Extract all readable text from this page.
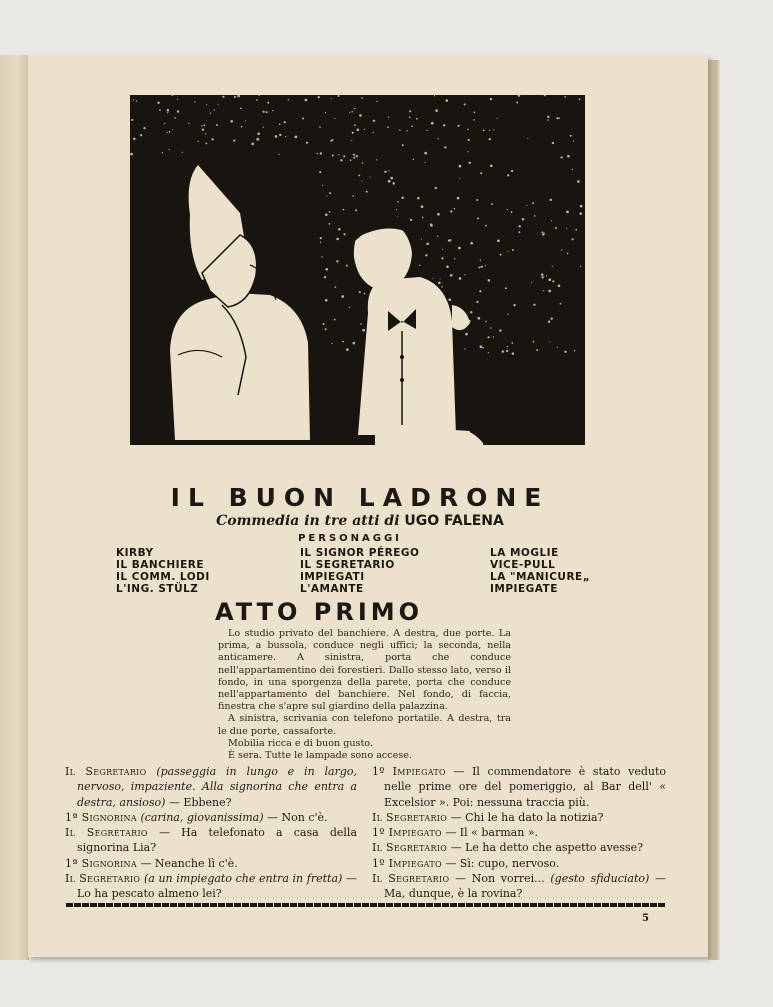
IL BUON LADRONE
Commedia in tre atti di UGO FALENA
PERSONAGGI
KIRBY
IL BANCHIERE
IL COMM. LODI
L'ING. STÜLZ
IL SIGNOR PÉREGO
IL SEGRETARIO
IMPIEGATI
L'AMANTE
LA MOGLIE
VICE-PULL
LA "MANICURE„
IMPIEGATE
ATTO PRIMO

Lo studio privato del banchiere. A destra, due porte. La prima, a bussola, conduce negli uffici; la seconda, nella anticamere. A sinistra, porta che conduce nell'appartamentino dei forestieri. Dallo stesso lato, verso il fondo, in una sporgenza della parete, porta che conduce nell'appartamento del banchiere. Nel fondo, di faccia, finestra che s'apre sul giardino della palazzina.

A sinistra, scrivania con telefono portatile. A destra, tra le due porte, cassaforte.

Mobilia ricca e di buon gusto.

È sera. Tutte le lampade sono accese.

Il Segretario (passeggia in lungo e in largo, nervoso, impaziente. Alla signorina che entra a destra, ansioso) — Ebbene?
1ª Signorina (carina, giovanissima) — Non c'è.
Il Segretario — Ha telefonato a casa della signorina Lia?
1ª Signorina — Neanche lì c'è.
Il Segretario (a un impiegato che entra in fretta) — Lo ha pescato almeno lei?
1º Impiegato — Il commendatore è stato veduto nelle prime ore del pomeriggio, al Bar dell' « Excelsior ». Poi: nessuna traccia più.
Il Segretario — Chi le ha dato la notizia?
1º Impiegato — Il « barman ».
Il Segretario — Le ha detto che aspetto avesse?
1º Impiegato — Sì: cupo, nervoso.
Il Segretario — Non vorrei... (gesto sfiduciato) — Ma, dunque, è la rovina?
5
